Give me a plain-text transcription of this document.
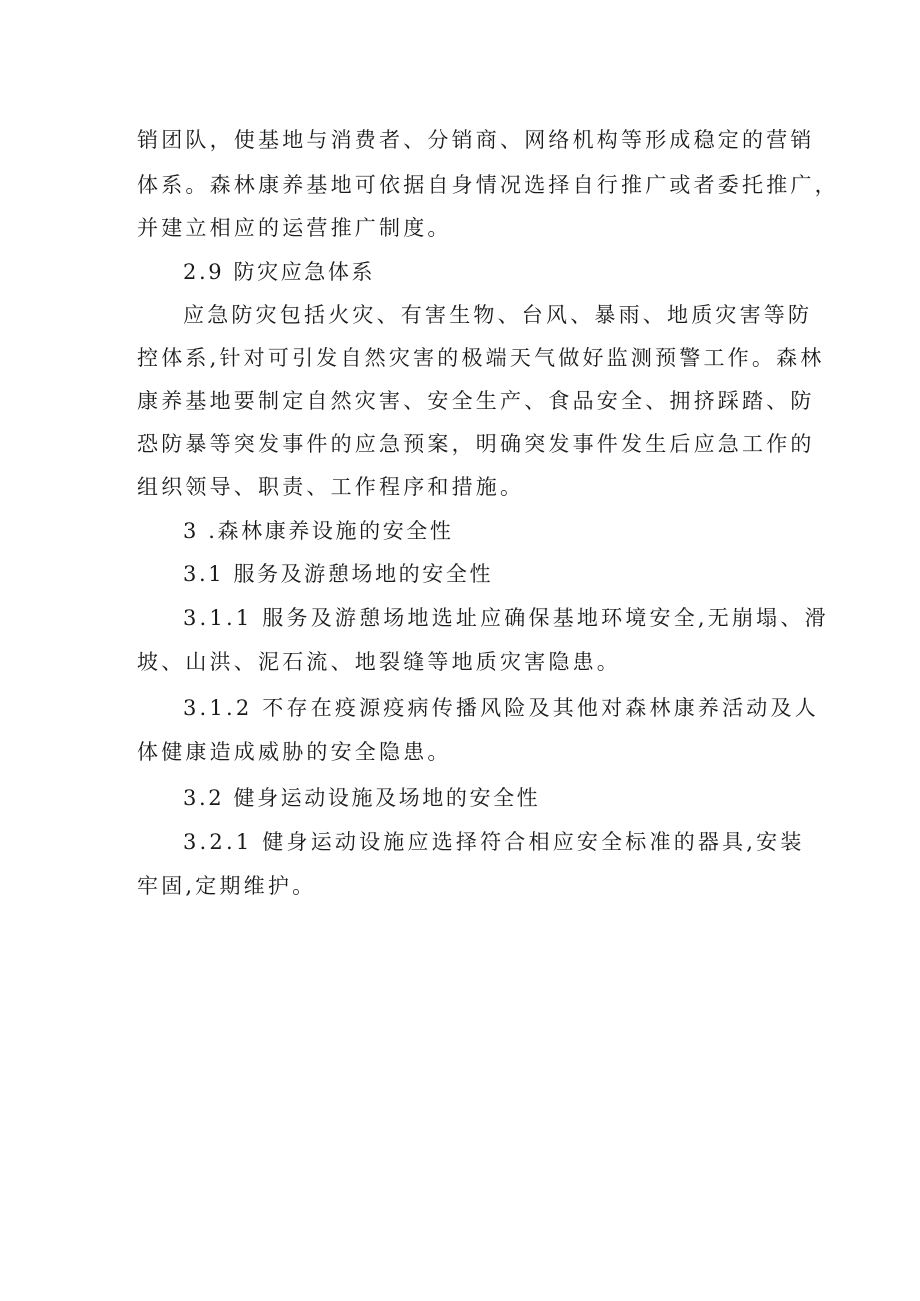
销团队，使基地与消费者、分销商、网络机构等形成稳定的营销
体系。森林康养基地可依据自身情况选择自行推广或者委托推广，
并建立相应的运营推广制度。
2.9 防灾应急体系
应急防灾包括火灾、有害生物、台风、暴雨、地质灾害等防
控体系,针对可引发自然灾害的极端天气做好监测预警工作。森林
康养基地要制定自然灾害、安全生产、食品安全、拥挤踩踏、防
恐防暴等突发事件的应急预案，明确突发事件发生后应急工作的
组织领导、职责、工作程序和措施。
3 .森林康养设施的安全性
3.1 服务及游憩场地的安全性
3.1.1 服务及游憩场地选址应确保基地环境安全,无崩塌、滑
坡、山洪、泥石流、地裂缝等地质灾害隐患。
3.1.2 不存在疫源疫病传播风险及其他对森林康养活动及人
体健康造成威胁的安全隐患。
3.2 健身运动设施及场地的安全性
3.2.1 健身运动设施应选择符合相应安全标准的器具,安装
牢固,定期维护。
